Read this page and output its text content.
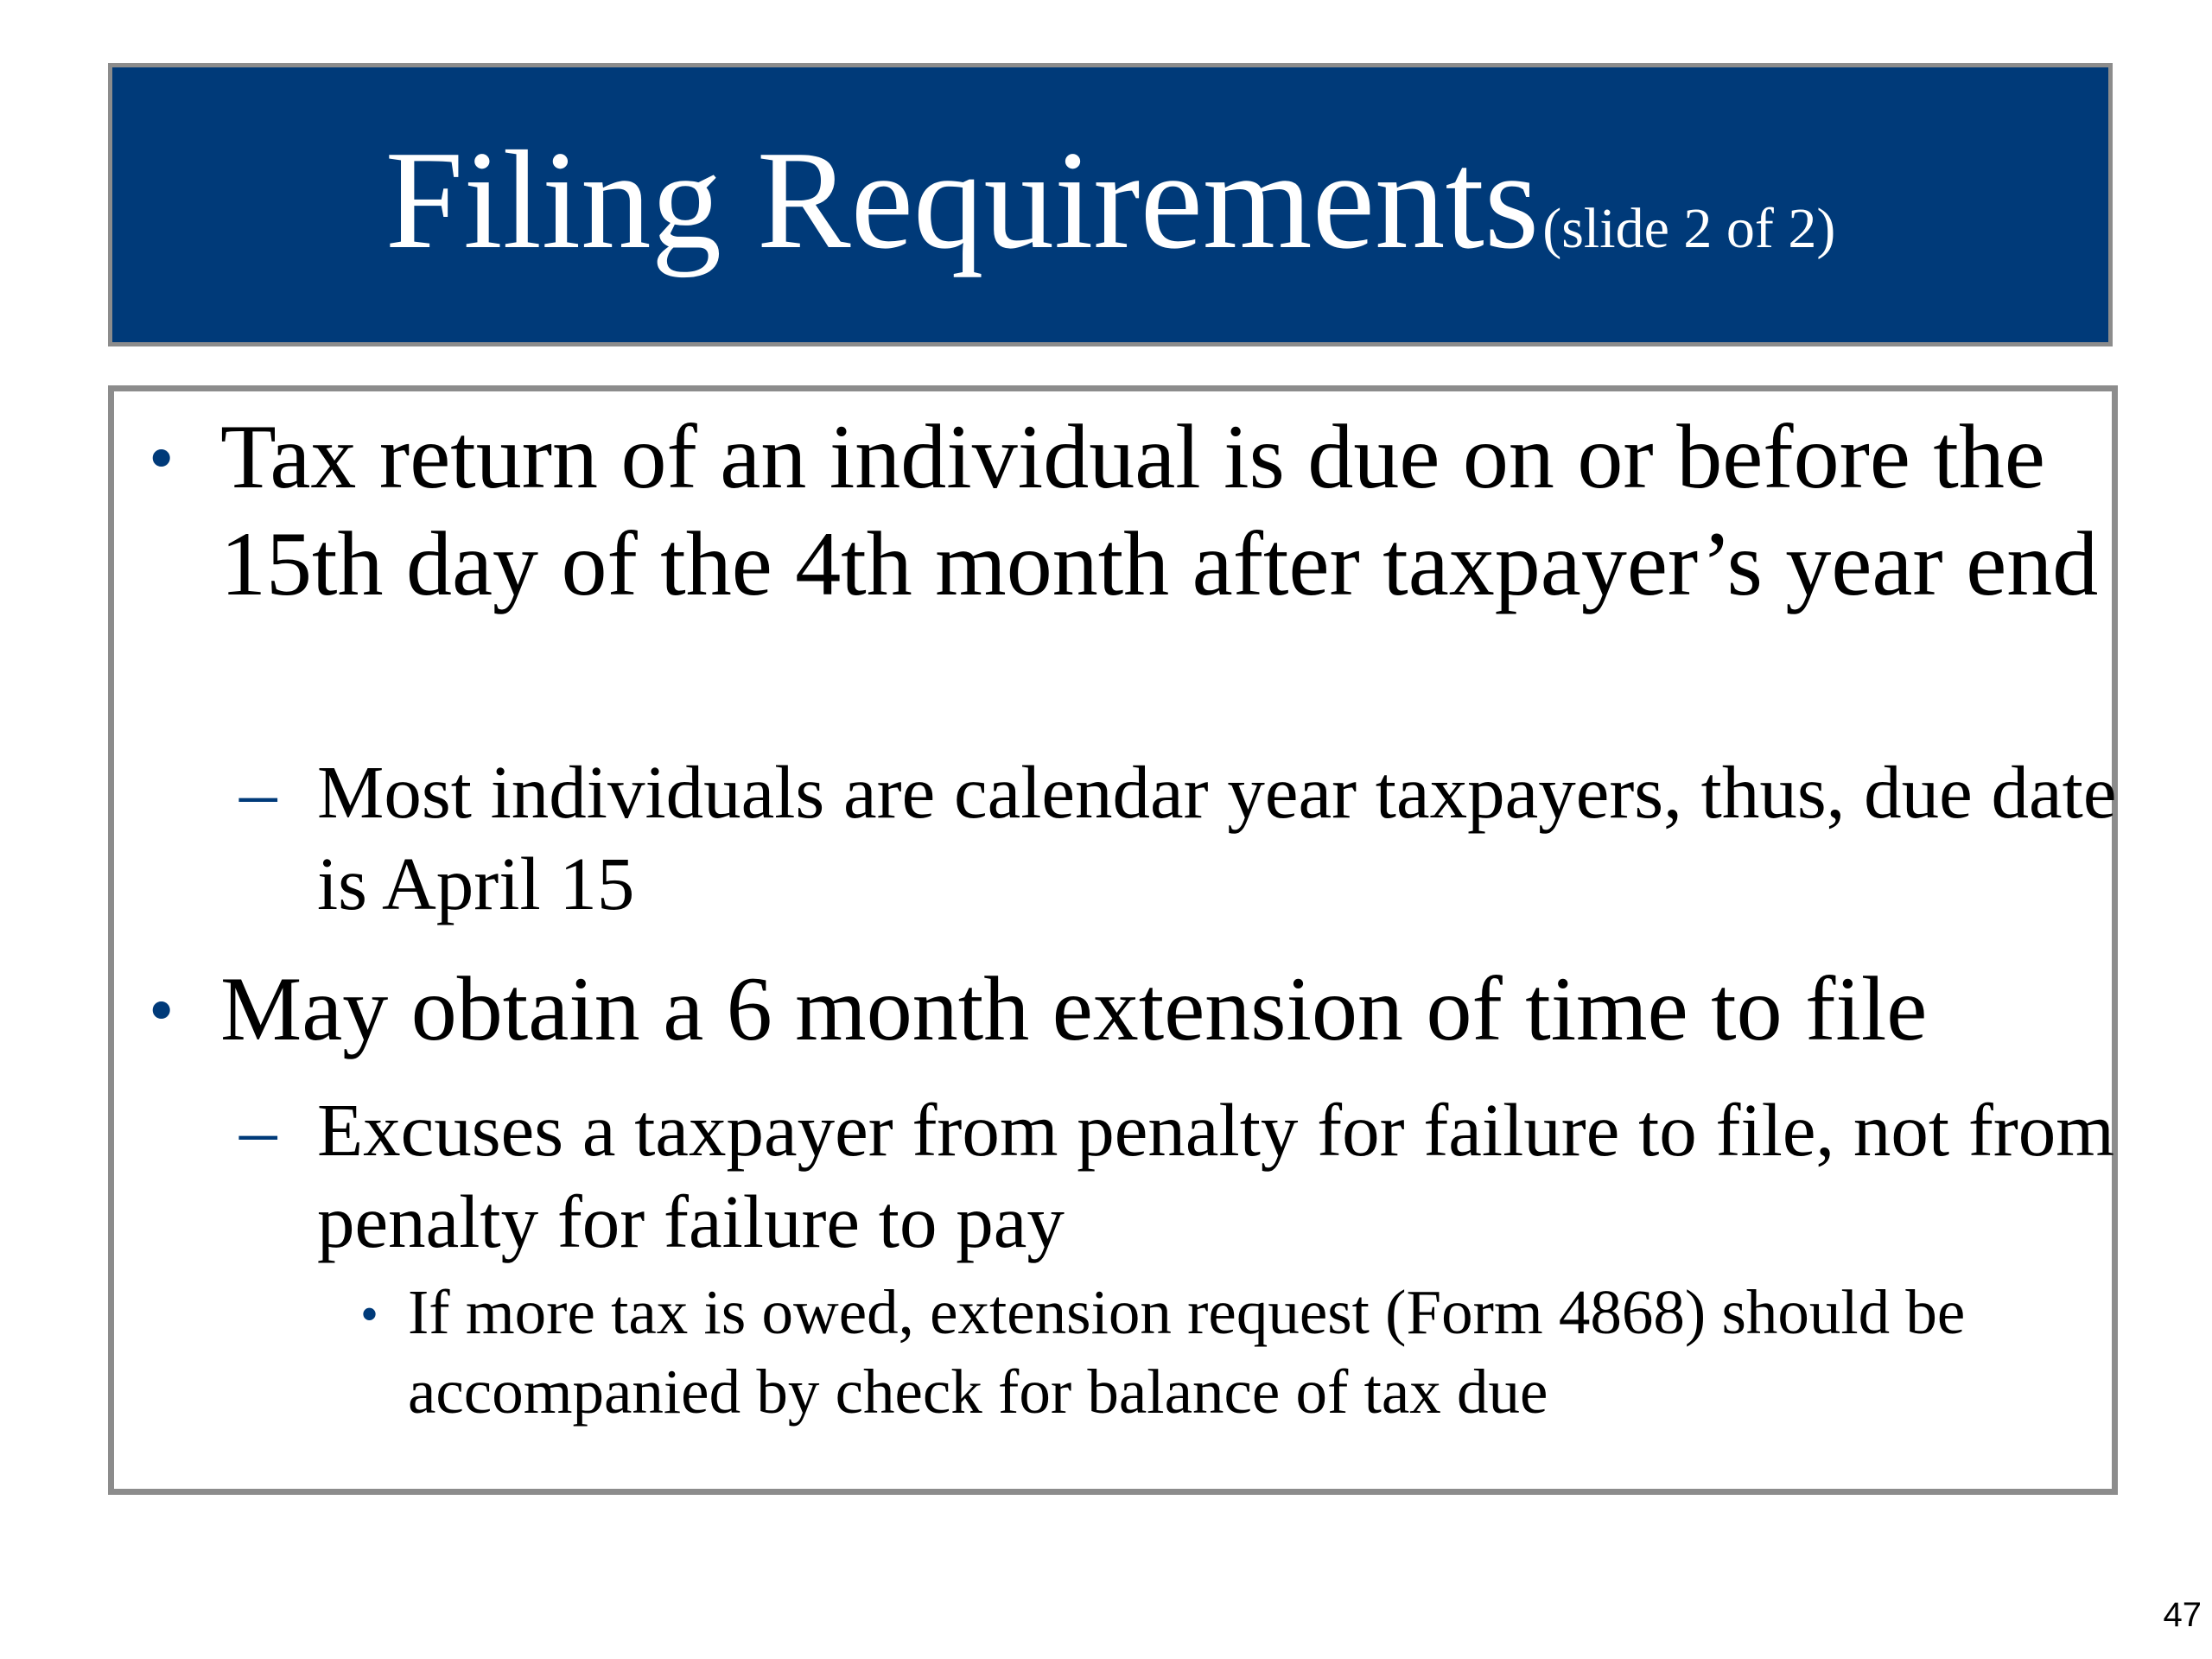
Filing Requirements (slide 2 of 2)
• Tax return of an individual is due on or before the 15th day of the 4th month after taxpayer’s year end
– Most individuals are calendar year taxpayers, thus, due date is April 15
• May obtain a 6 month extension of time to file
– Excuses a taxpayer from penalty for failure to file, not from penalty for failure to pay
• If more tax is owed, extension request (Form 4868) should be accompanied by check for balance of tax due
47
